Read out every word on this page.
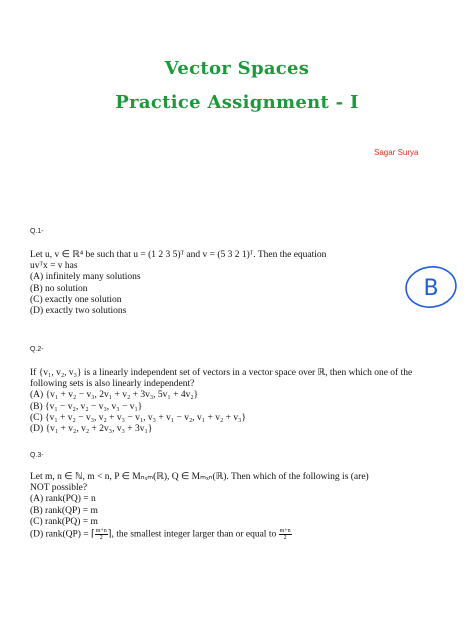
Vector Spaces
Practice Assignment - I
Sagar Surya
Q.1-
Let u, v ∈ ℝ⁴ be such that u = (1 2 3 5)ᵀ and v = (5 3 2 1)ᵀ. Then the equation
uvᵀx = v has
(A) infinitely many solutions
(B) no solution
(C) exactly one solution
(D) exactly two solutions
B
Q.2-
If {v₁, v₂, v₃} is a linearly independent set of vectors in a vector space over ℝ, then which one of the
following sets is also linearly independent?
(A) {v₁ + v₂ − v₃, 2v₁ + v₂ + 3v₃, 5v₁ + 4v₂}
(B) {v₁ − v₂, v₂ − v₃, v₃ − v₁}
(C) {v₁ + v₂ − v₃, v₂ + v₃ − v₁, v₃ + v₁ − v₂, v₁ + v₂ + v₃}
(D) {v₁ + v₂, v₂ + 2v₃, v₃ + 3v₁}
Q.3-
Let m, n ∈ ℕ, m < n, P ∈ Mₙₓₘ(ℝ), Q ∈ Mₘₓₙ(ℝ). Then which of the following is (are)
NOT possible?
(A) rank(PQ) = n
(B) rank(QP) = m
(C) rank(PQ) = m
(D) rank(QP) = ⌈ $\frac{m+n}{2}$ ⌉, the smallest integer larger than or equal to $\frac{m+n}{2}$
